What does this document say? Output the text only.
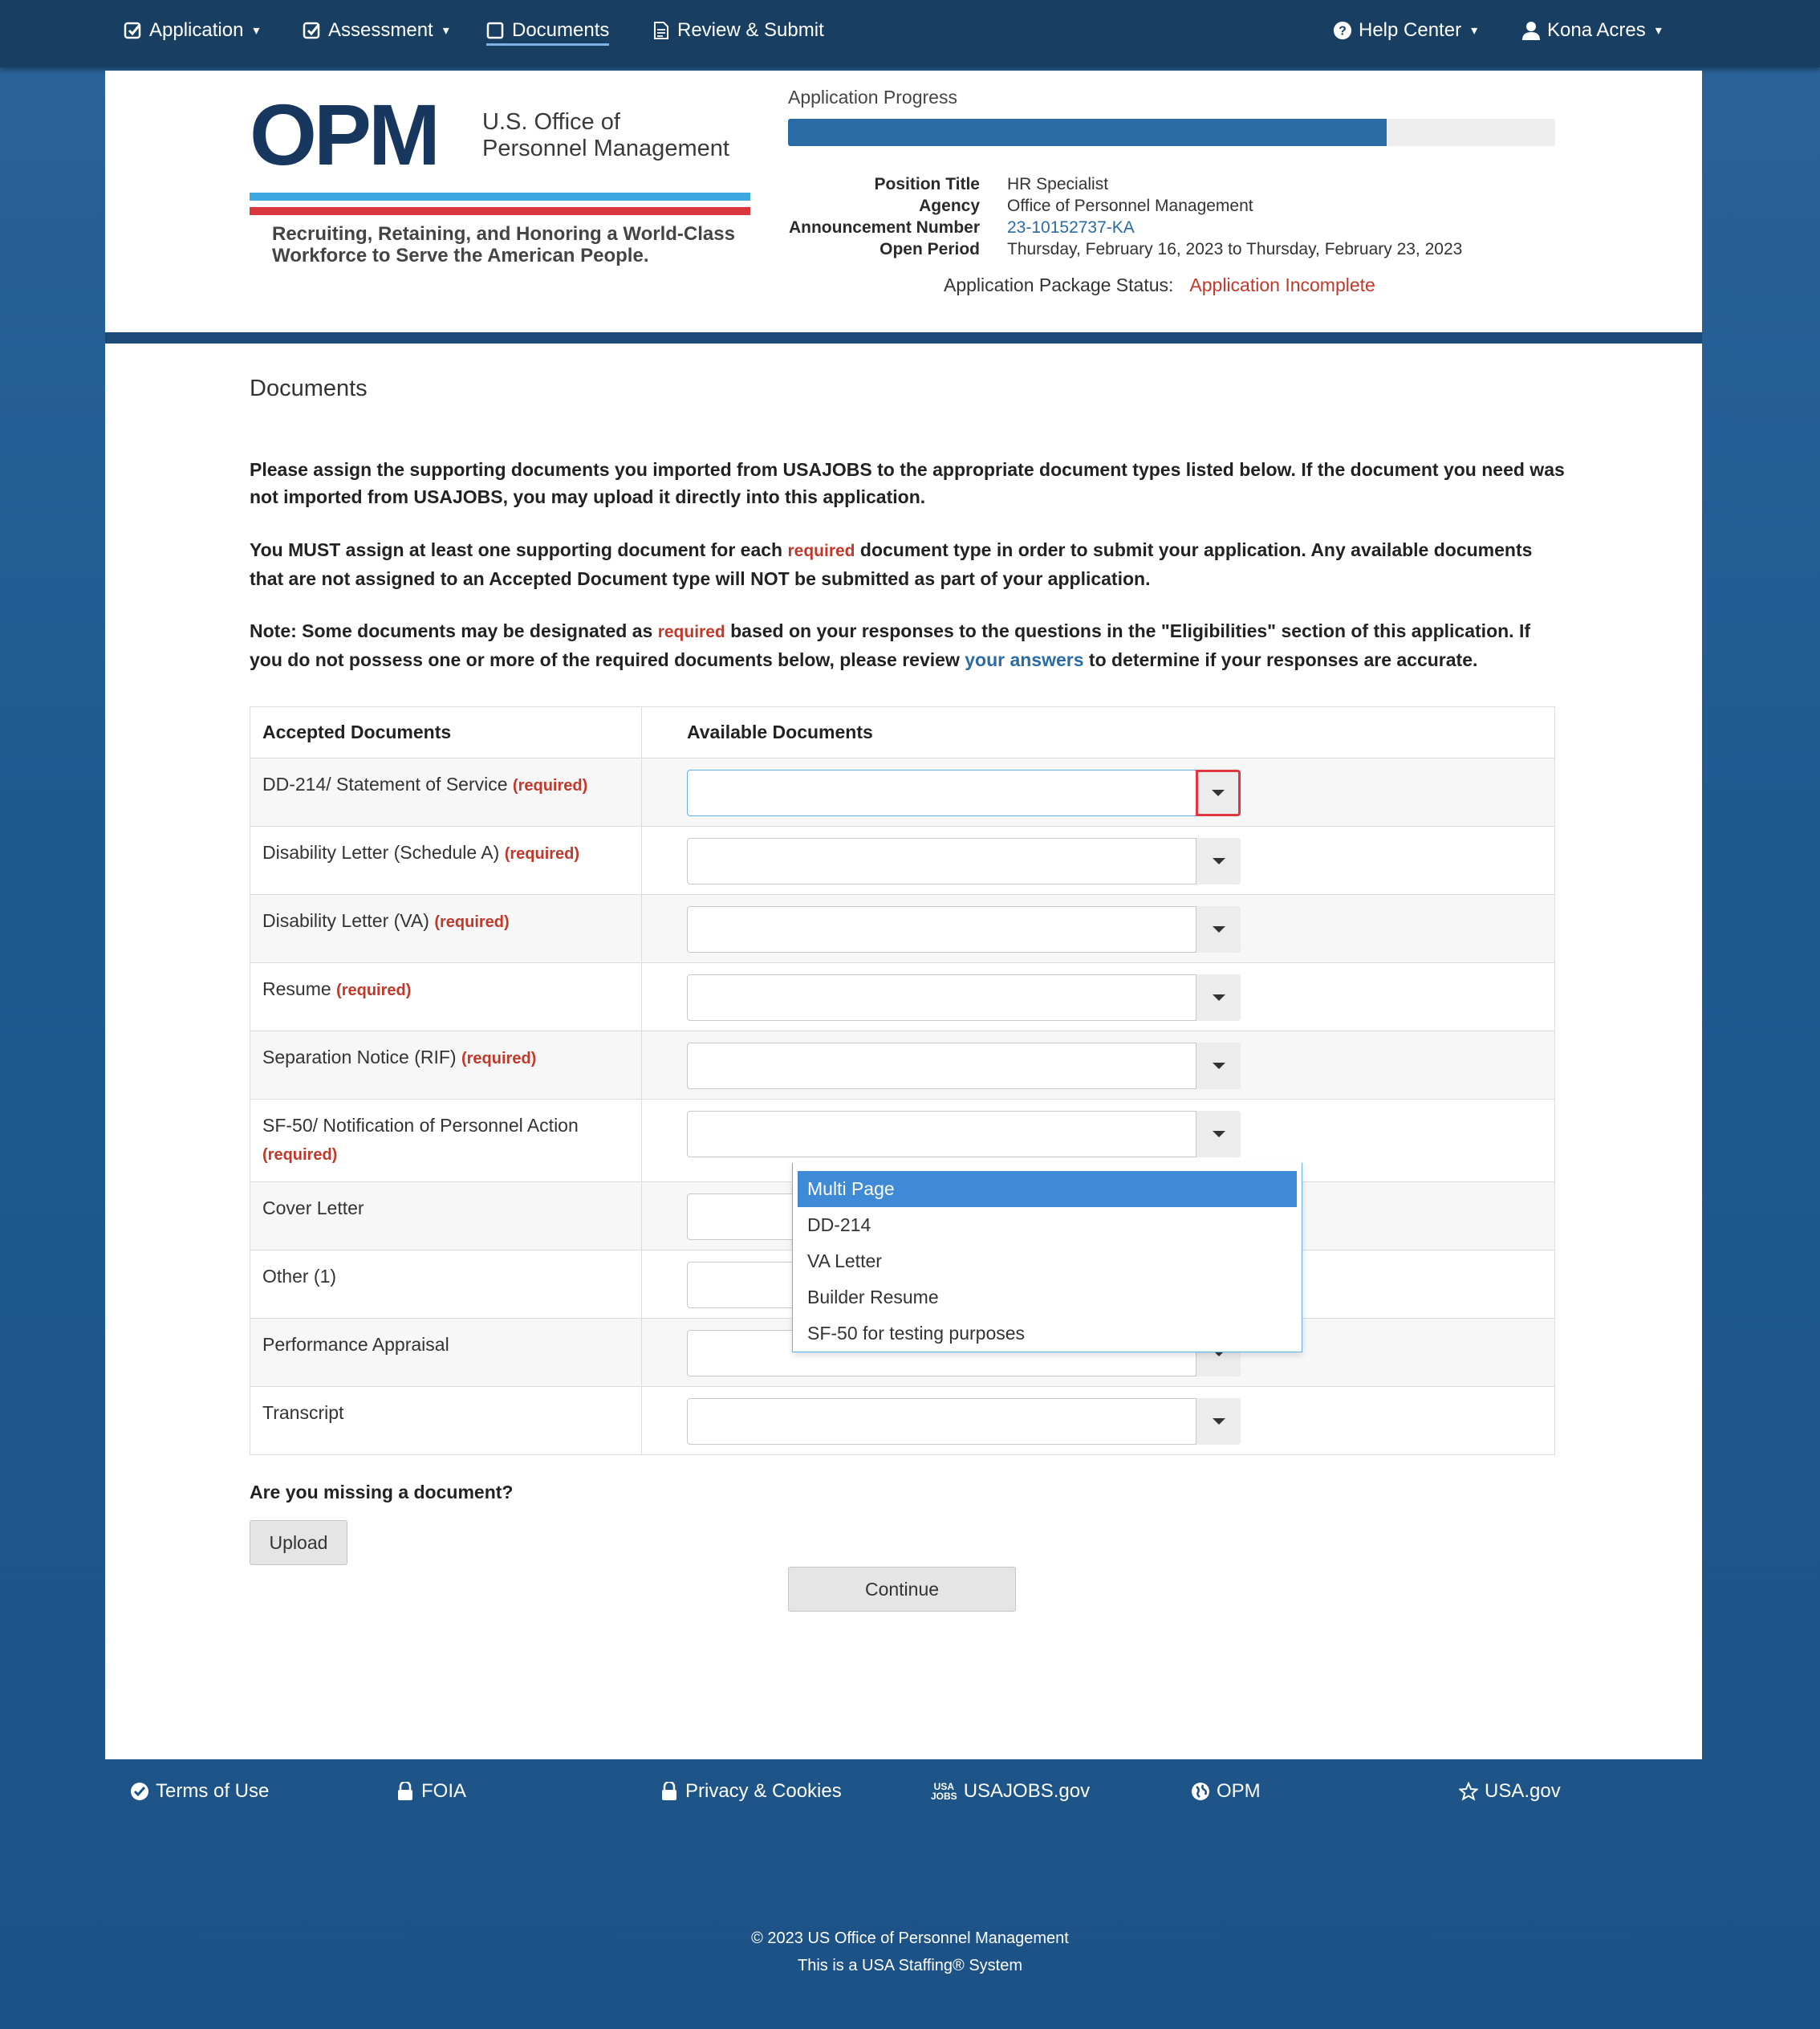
Application ▾	Assessment ▾	Documents	Review & Submit	? Help Center ▾	Kona Acres ▾
OPM U.S. Office of
Personnel Management
Recruiting, Retaining, and Honoring a World-Class
Workforce to Serve the American People.
Application Progress
Position Title	HR Specialist
Agency	Office of Personnel Management
Announcement Number	23-10152737-KA
Open Period	Thursday, February 16, 2023 to Thursday, February 23, 2023
Application Package Status: Application Incomplete
Documents
Please assign the supporting documents you imported from USAJOBS to the appropriate document types listed below. If the document you need was not imported from USAJOBS, you may upload it directly into this application.
You MUST assign at least one supporting document for each required document type in order to submit your application. Any available documents that are not assigned to an Accepted Document type will NOT be submitted as part of your application.
Note: Some documents may be designated as required based on your responses to the questions in the "Eligibilities" section of this application. If you do not possess one or more of the required documents below, please review your answers to determine if your responses are accurate.
Accepted Documents	Available Documents
DD-214/ Statement of Service (required)	

Disability Letter (Schedule A) (required)	

Disability Letter (VA) (required)	

Resume (required)	

Separation Notice (RIF) (required)	

SF-50/ Notification of Personnel Action
(required)	

Cover Letter	

Other (1)	

Performance Appraisal	

Transcript	
Multi Page
DD-214
VA Letter
Builder Resume
SF-50 for testing purposes
Are you missing a document?
Upload
Continue
Terms of Use	FOIA	Privacy & Cookies	USA
JOBS USAJOBS.gov	OPM	USA.gov
© 2023 US Office of Personnel Management
This is a USA Staffing® System
